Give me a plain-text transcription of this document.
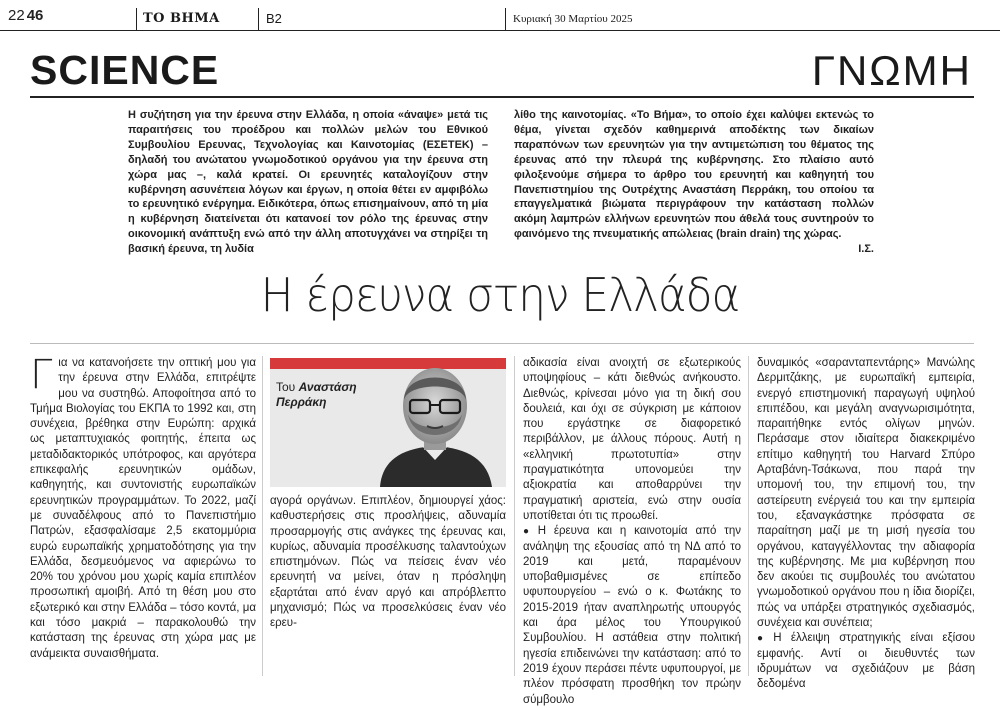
22 46	ΤΟ ΒΗΜΑ	B2	Κυριακή 30 Μαρτίου 2025
SCIENCE	ΓΝΩΜΗ

Η συζήτηση για την έρευνα στην Ελλάδα, η οποία «άναψε» μετά τις παραιτήσεις του προέδρου και πολλών μελών του Εθνικού Συμβουλίου Ερευνας, Τεχνολογίας και Καινοτομίας (ΕΣΕΤΕΚ) – δηλαδή του ανώτατου γνωμοδοτικού οργάνου για την έρευνα στη χώρα μας –, καλά κρατεί. Οι ερευνητές καταλογίζουν στην κυβέρνηση ασυνέπεια λόγων και έργων, η οποία θέτει εν αμφιβόλω το ερευνητικό ενέργημα. Ειδικότερα, όπως επισημαίνουν, από τη μία η κυβέρνηση διατείνεται ότι κατανοεί τον ρόλο της έρευνας στην οικονομική ανάπτυξη ενώ από την άλλη αποτυγχάνει να στηρίξει τη βασική έρευνα, τη λυδία

λίθο της καινοτομίας. «Το Βήμα», το οποίο έχει καλύψει εκτενώς το θέμα, γίνεται σχεδόν καθημερινά αποδέκτης των δικαίων παραπόνων των ερευνητών για την αντιμετώπιση του θέματος της έρευνας από την πλευρά της κυβέρνησης. Στο πλαίσιο αυτό φιλοξενούμε σήμερα το άρθρο του ερευνητή και καθηγητή του Πανεπιστημίου της Ουτρέχτης Αναστάση Περράκη, του οποίου τα επαγγελματικά βιώματα περιγράφουν την κατάσταση πολλών ακόμη λαμπρών ελλήνων ερευνητών που άθελά τους συντηρούν το φαινόμενο της πνευματικής απώλειας (brain drain) της χώρας.

Ι.Σ.
Η έρευνα στην Ελλάδα
Γ ια να κατανοήσετε την οπτική μου για την έρευνα στην Ελλάδα, επιτρέψτε μου να συστηθώ. Αποφοίτησα από το Τμήμα Βιολογίας του ΕΚΠΑ το 1992 και, στη συνέχεια, βρέθηκα στην Ευρώπη: αρχικά ως μεταπτυχιακός φοιτητής, έπειτα ως μεταδιδακτορικός υπότροφος, και αργότερα επικεφαλής ερευνητικών ομάδων, καθηγητής, και συντονιστής ευρωπαϊκών ερευνητικών προγραμμάτων. Το 2022, μαζί με συναδέλφους από το Πανεπιστήμιο Πατρών, εξασφαλίσαμε 2,5 εκατομμύρια ευρώ ευρωπαϊκής χρηματοδότησης για την Ελλάδα, δεσμευόμενος να αφιερώνω το 20% του χρόνου μου χωρίς καμία επιπλέον προσωπική αμοιβή. Από τη θέση μου στο εξωτερικό και στην Ελλάδα – τόσο κοντά, μα και τόσο μακριά – παρακολουθώ την κατάσταση της έρευνας στη χώρα μας με ανάμεικτα συναισθήματα.

Του Αναστάση Περράκη

αγορά οργάνων. Επιπλέον, δημιουργεί χάος: καθυστερήσεις στις προσλήψεις, αδυναμία προσαρμογής στις ανάγκες της έρευνας και, κυρίως, αδυναμία προσέλκυσης ταλαντούχων επιστημόνων. Πώς να πείσεις έναν νέο ερευνητή να μείνει, όταν η πρόσληψη εξαρτάται από έναν αργό και απρόβλεπτο μηχανισμό; Πώς να προσελκύσεις έναν νέο ερευ-

αδικασία είναι ανοιχτή σε εξωτερικούς υποψηφίους – κάτι διεθνώς ανήκουστο. Διεθνώς, κρίνεσαι μόνο για τη δική σου δουλειά, και όχι σε σύγκριση με κάποιον που εργάστηκε σε διαφορετικό περιβάλλον, με άλλους πόρους. Αυτή η «ελληνική πρωτοτυπία» στην πραγματικότητα υπονομεύει την αξιοκρατία και αποθαρρύνει την πραγματική αριστεία, ενώ στην ουσία υποτίθεται ότι τις προωθεί.

● Η έρευνα και η καινοτομία από την ανάληψη της εξουσίας από τη ΝΔ από το 2019 και μετά, παραμένουν υποβαθμισμένες σε επίπεδο υφυπουργείου – ενώ ο κ. Φωτάκης το 2015-2019 ήταν αναπληρωτής υπουργός και άρα μέλος του Υπουργικού Συμβουλίου. Η αστάθεια στην πολιτική ηγεσία επιδεινώνει την κατάσταση: από το 2019 έχουν περάσει πέντε υφυπουργοί, με πλέον πρόσφατη προσθήκη τον πρώην σύμβουλο

δυναμικός «σαρανταπεντάρης» Μανώλης Δερμιτζάκης, με ευρωπαϊκή εμπειρία, ενεργό επιστημονική παραγωγή υψηλού επιπέδου, και μεγάλη αναγνωρισιμότητα, παραιτήθηκε εντός ολίγων μηνών. Περάσαμε στον ιδιαίτερα διακεκριμένο επίτιμο καθηγητή του Harvard Σπύρο Αρταβάνη-Τσάκωνα, που παρά την υπομονή του, την επιμονή του, την αστείρευτη ενέργειά του και την εμπειρία του, εξαναγκάστηκε πρόσφατα σε παραίτηση μαζί με τη μισή ηγεσία του οργάνου, καταγγέλλοντας την αδιαφορία της κυβέρνησης. Με μια κυβέρνηση που δεν ακούει τις συμβουλές του ανώτατου γνωμοδοτικού οργάνου που η ίδια διορίζει, πώς να υπάρξει στρατηγικός σχεδιασμός, συνέχεια και συνέπεια;

● Η έλλειψη στρατηγικής είναι εξίσου εμφανής. Αντί οι διευθυντές των ιδρυμάτων να σχεδιάζουν με βάση δεδομένα
